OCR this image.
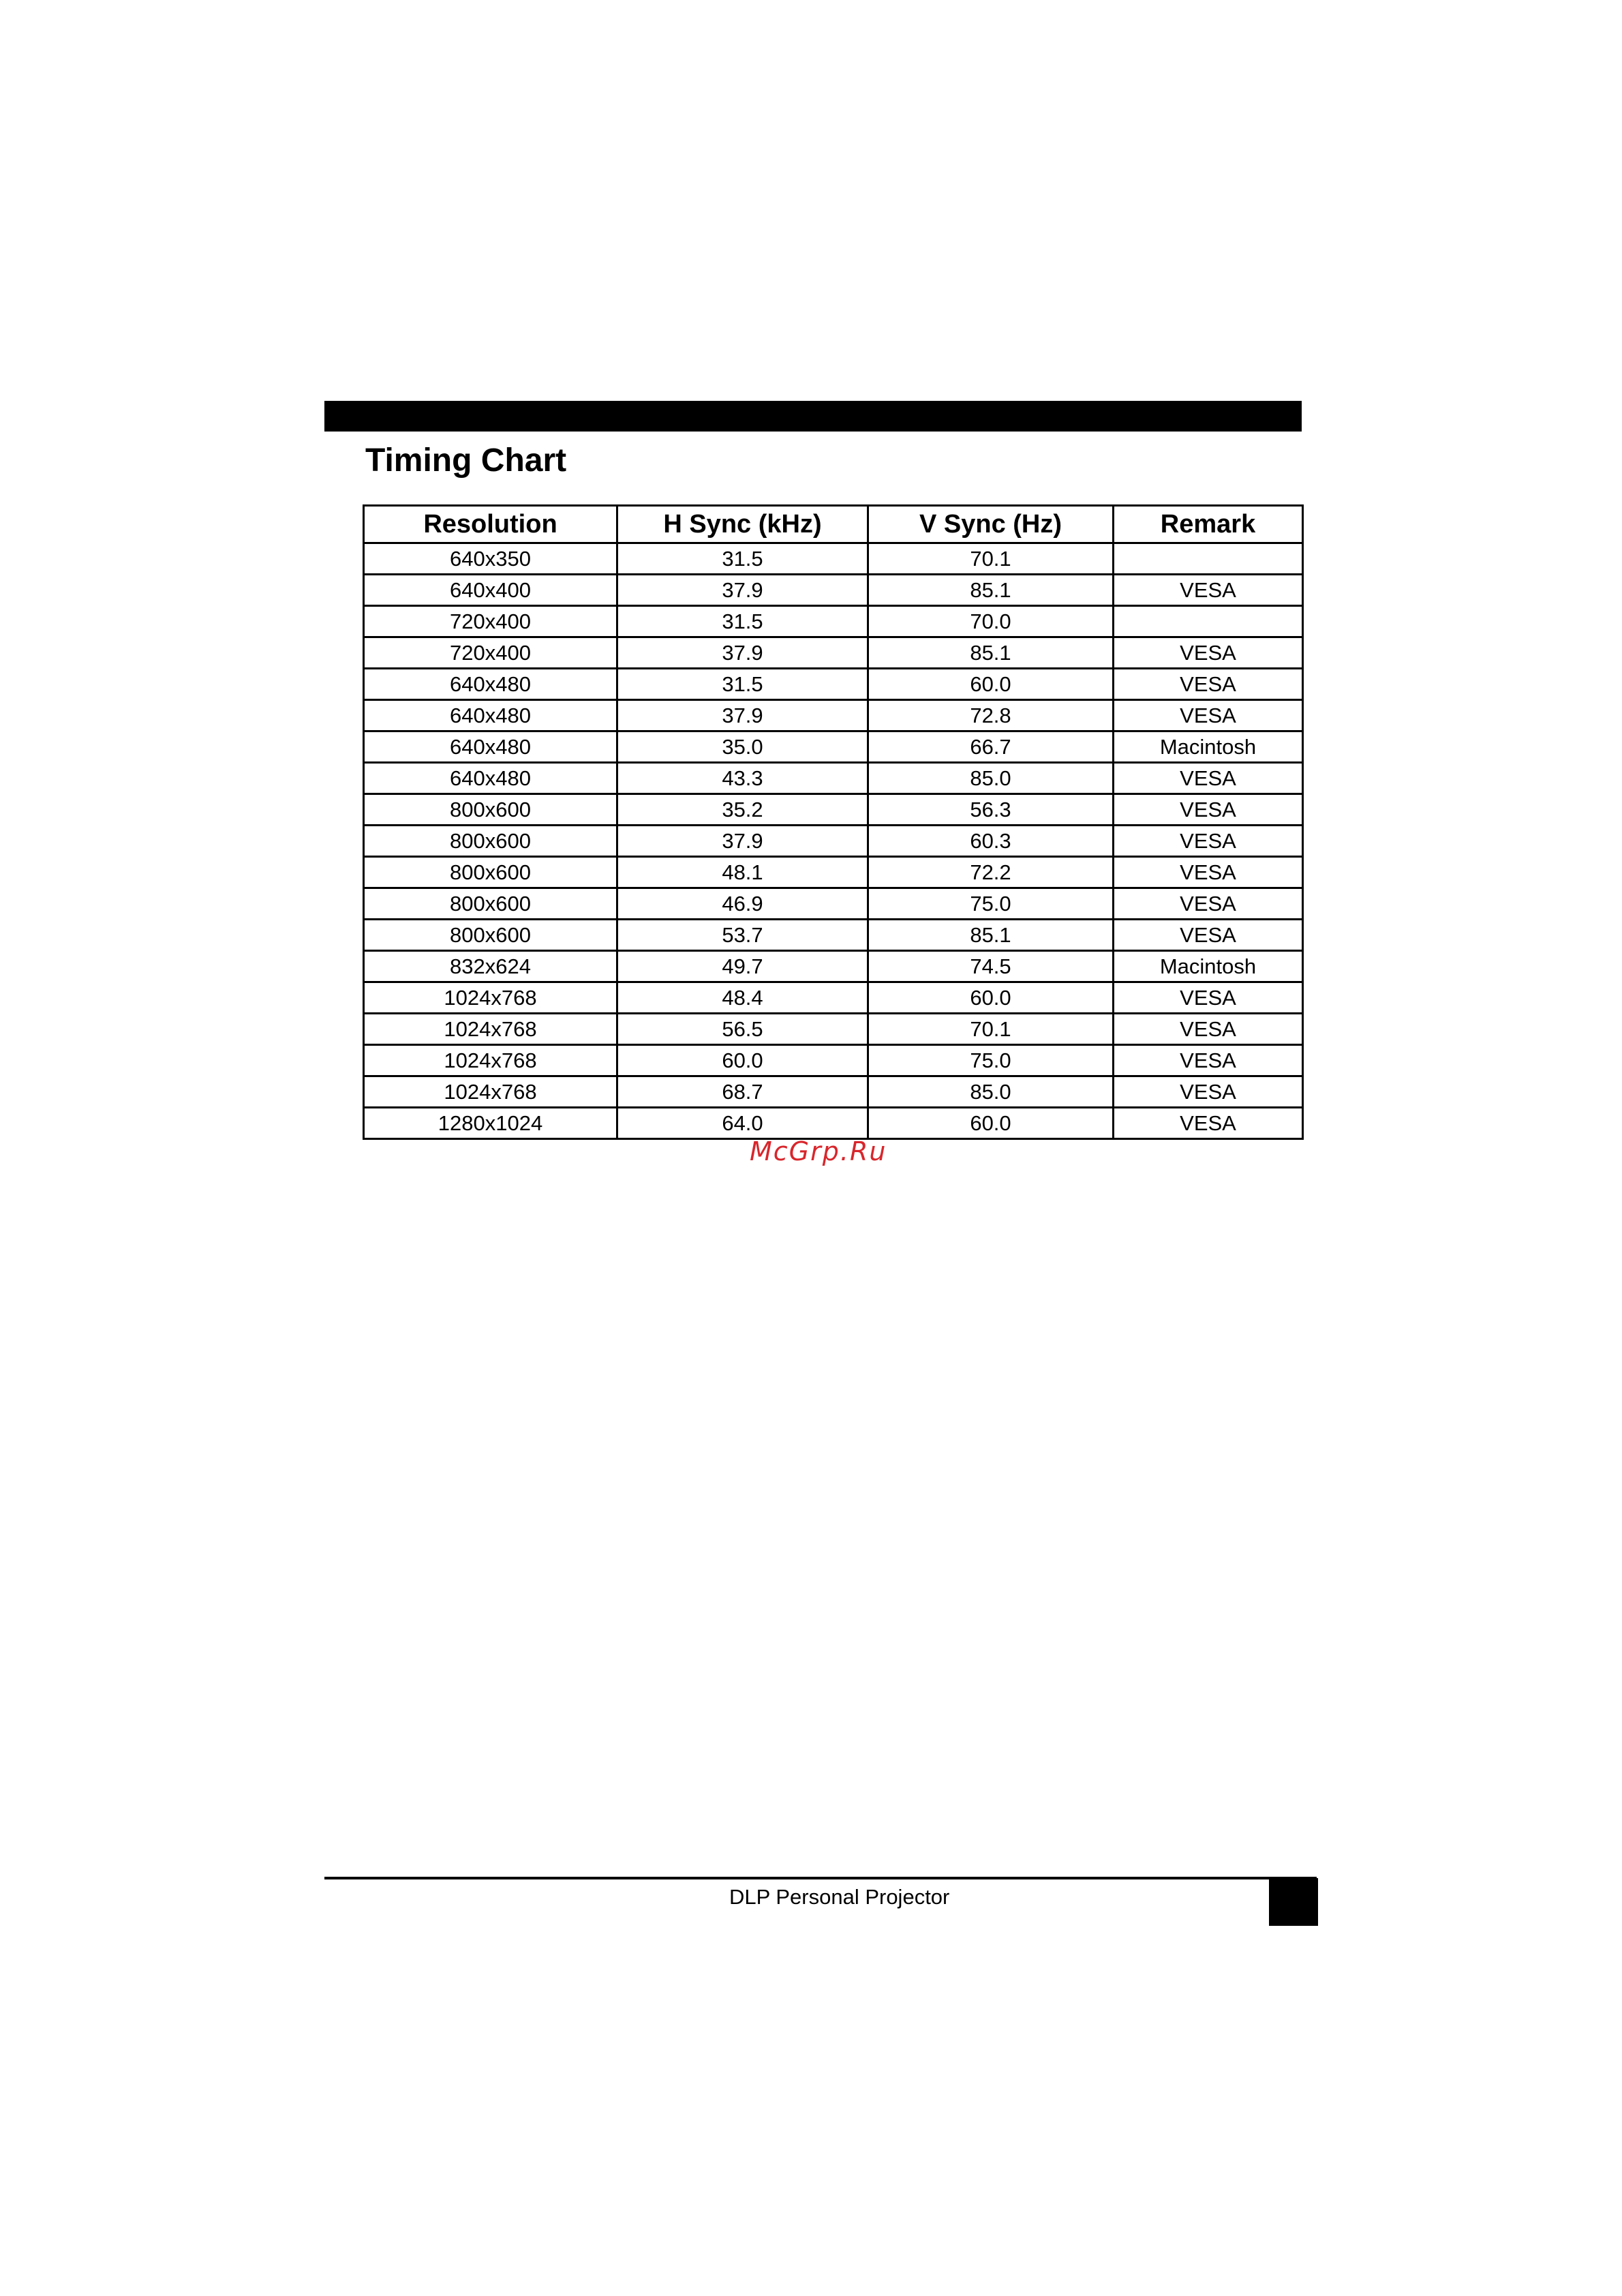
Timing Chart
Resolution	H Sync (kHz)	V Sync (Hz)	Remark
640x350	31.5	70.1	
640x400	37.9	85.1	VESA
720x400	31.5	70.0	
720x400	37.9	85.1	VESA
640x480	31.5	60.0	VESA
640x480	37.9	72.8	VESA
640x480	35.0	66.7	Macintosh
640x480	43.3	85.0	VESA
800x600	35.2	56.3	VESA
800x600	37.9	60.3	VESA
800x600	48.1	72.2	VESA
800x600	46.9	75.0	VESA
800x600	53.7	85.1	VESA
832x624	49.7	74.5	Macintosh
1024x768	48.4	60.0	VESA
1024x768	56.5	70.1	VESA
1024x768	60.0	75.0	VESA
1024x768	68.7	85.0	VESA
1280x1024	64.0	60.0	VESA
McGrp.Ru
DLP Personal Projector
